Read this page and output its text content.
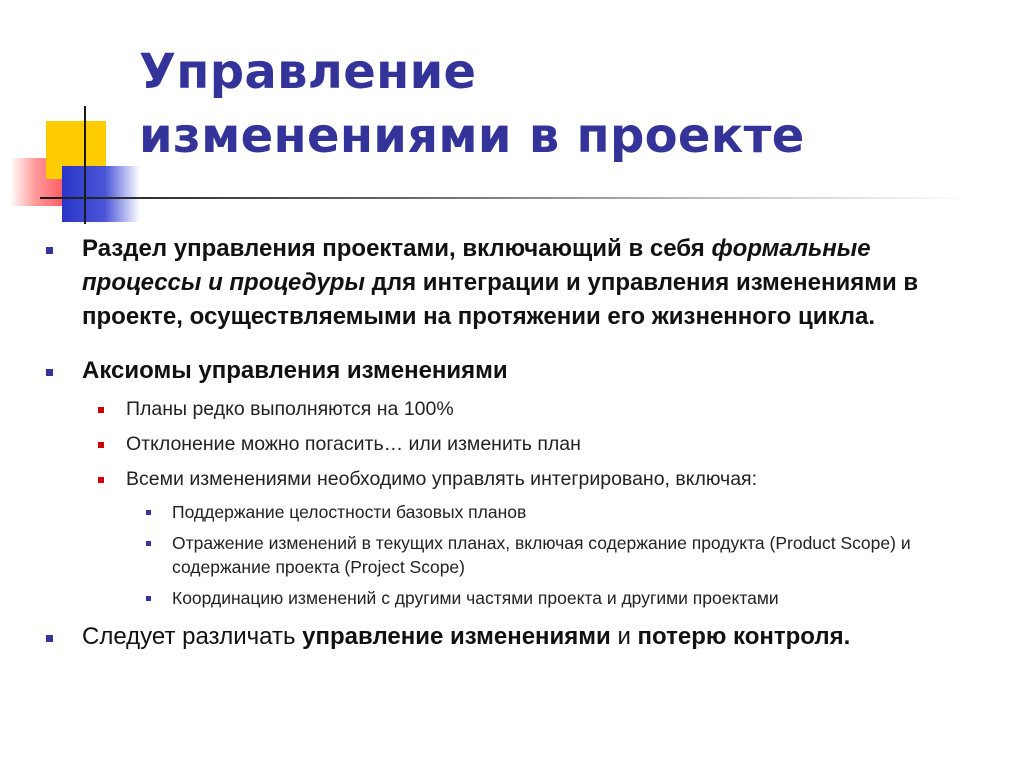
Управление
изменениями в проекте
Раздел управления проектами, включающий в себя формальные процессы и процедуры для интеграции и управления изменениями в проекте, осуществляемыми на протяжении его жизненного цикла.
Аксиомы управления изменениями
Планы редко выполняются на 100%
Отклонение можно погасить… или изменить план
Всеми изменениями необходимо управлять интегрировано, включая:
Поддержание целостности базовых планов
Отражение изменений в текущих планах, включая содержание продукта (Product Scope) и содержание проекта (Project Scope)
Координацию изменений с другими частями проекта и другими проектами
Следует различать управление изменениями и потерю контроля.
